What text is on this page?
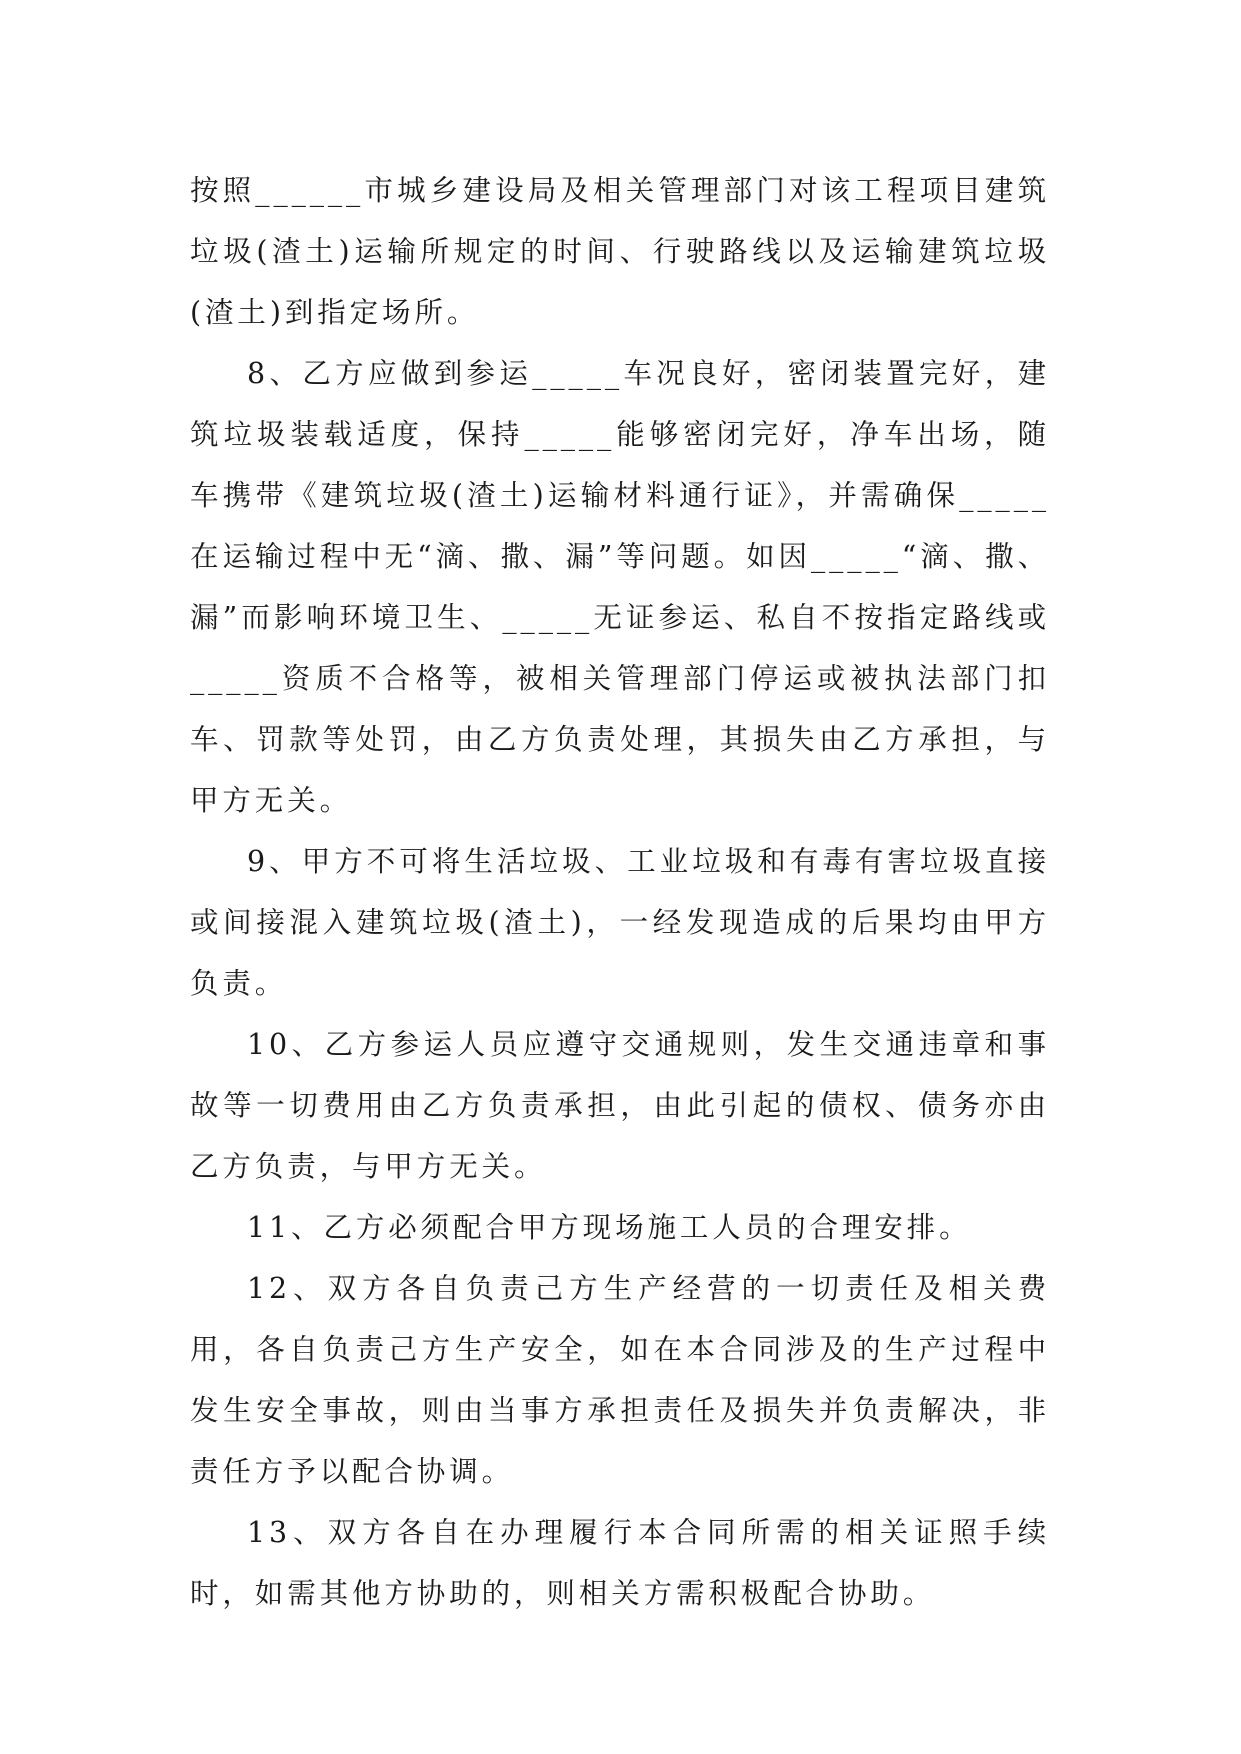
按照______市城乡建设局及相关管理部门对该工程项目建筑垃圾(渣土)运输所规定的时间、行驶路线以及运输建筑垃圾(渣土)到指定场所。

8、乙方应做到参运_____车况良好，密闭装置完好，建筑垃圾装载适度，保持_____能够密闭完好，净车出场，随车携带《建筑垃圾(渣土)运输材料通行证》，并需确保_____在运输过程中无“滴、撒、漏”等问题。如因_____“滴、撒、漏”而影响环境卫生、_____无证参运、私自不按指定路线或_____资质不合格等，被相关管理部门停运或被执法部门扣车、罚款等处罚，由乙方负责处理，其损失由乙方承担，与甲方无关。

9、甲方不可将生活垃圾、工业垃圾和有毒有害垃圾直接或间接混入建筑垃圾(渣土)，一经发现造成的后果均由甲方负责。

10、乙方参运人员应遵守交通规则，发生交通违章和事故等一切费用由乙方负责承担，由此引起的债权、债务亦由乙方负责，与甲方无关。

11、乙方必须配合甲方现场施工人员的合理安排。

12、双方各自负责己方生产经营的一切责任及相关费用，各自负责己方生产安全，如在本合同涉及的生产过程中发生安全事故，则由当事方承担责任及损失并负责解决，非责任方予以配合协调。

13、双方各自在办理履行本合同所需的相关证照手续时，如需其他方协助的，则相关方需积极配合协助。
